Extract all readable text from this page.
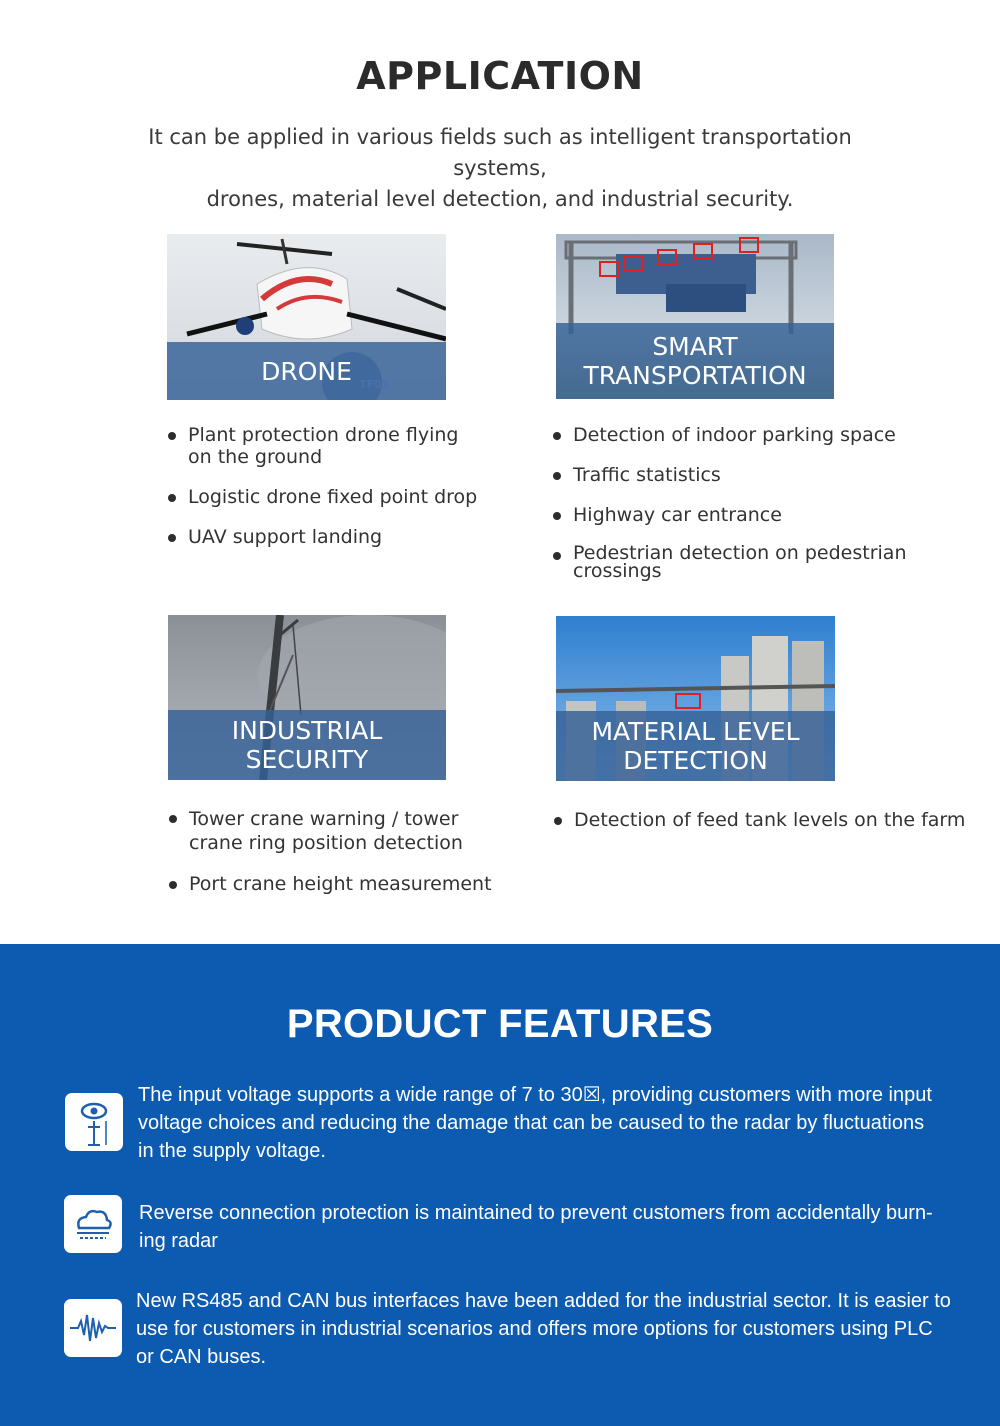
APPLICATION

It can be applied in various fields such as intelligent transportation systems,
drones, material level detection, and industrial security.

DRONE TF02
Plant protection drone flying
on the ground
Logistic drone fixed point drop
UAV support landing
SMART
TRANSPORTATION
Detection of indoor parking space
Traffic statistics
Highway car entrance
Pedestrian detection on pedestrian
crossings
INDUSTRIAL
SECURITY
Tower crane warning / tower
crane ring position detection
Port crane height measurement
MATERIAL LEVEL
DETECTION
Detection of feed tank levels on the farm
PRODUCT FEATURES

The input voltage supports a wide range of 7 to 30☒, providing customers with more input
voltage choices and reducing the damage that can be caused to the radar by fluctuations
in the supply voltage.

Reverse connection protection is maintained to prevent customers from accidentally burn-
ing radar

New RS485 and CAN bus interfaces have been added for the industrial sector. It is easier to
use for customers in industrial scenarios and offers more options for customers using PLC
or CAN buses.
